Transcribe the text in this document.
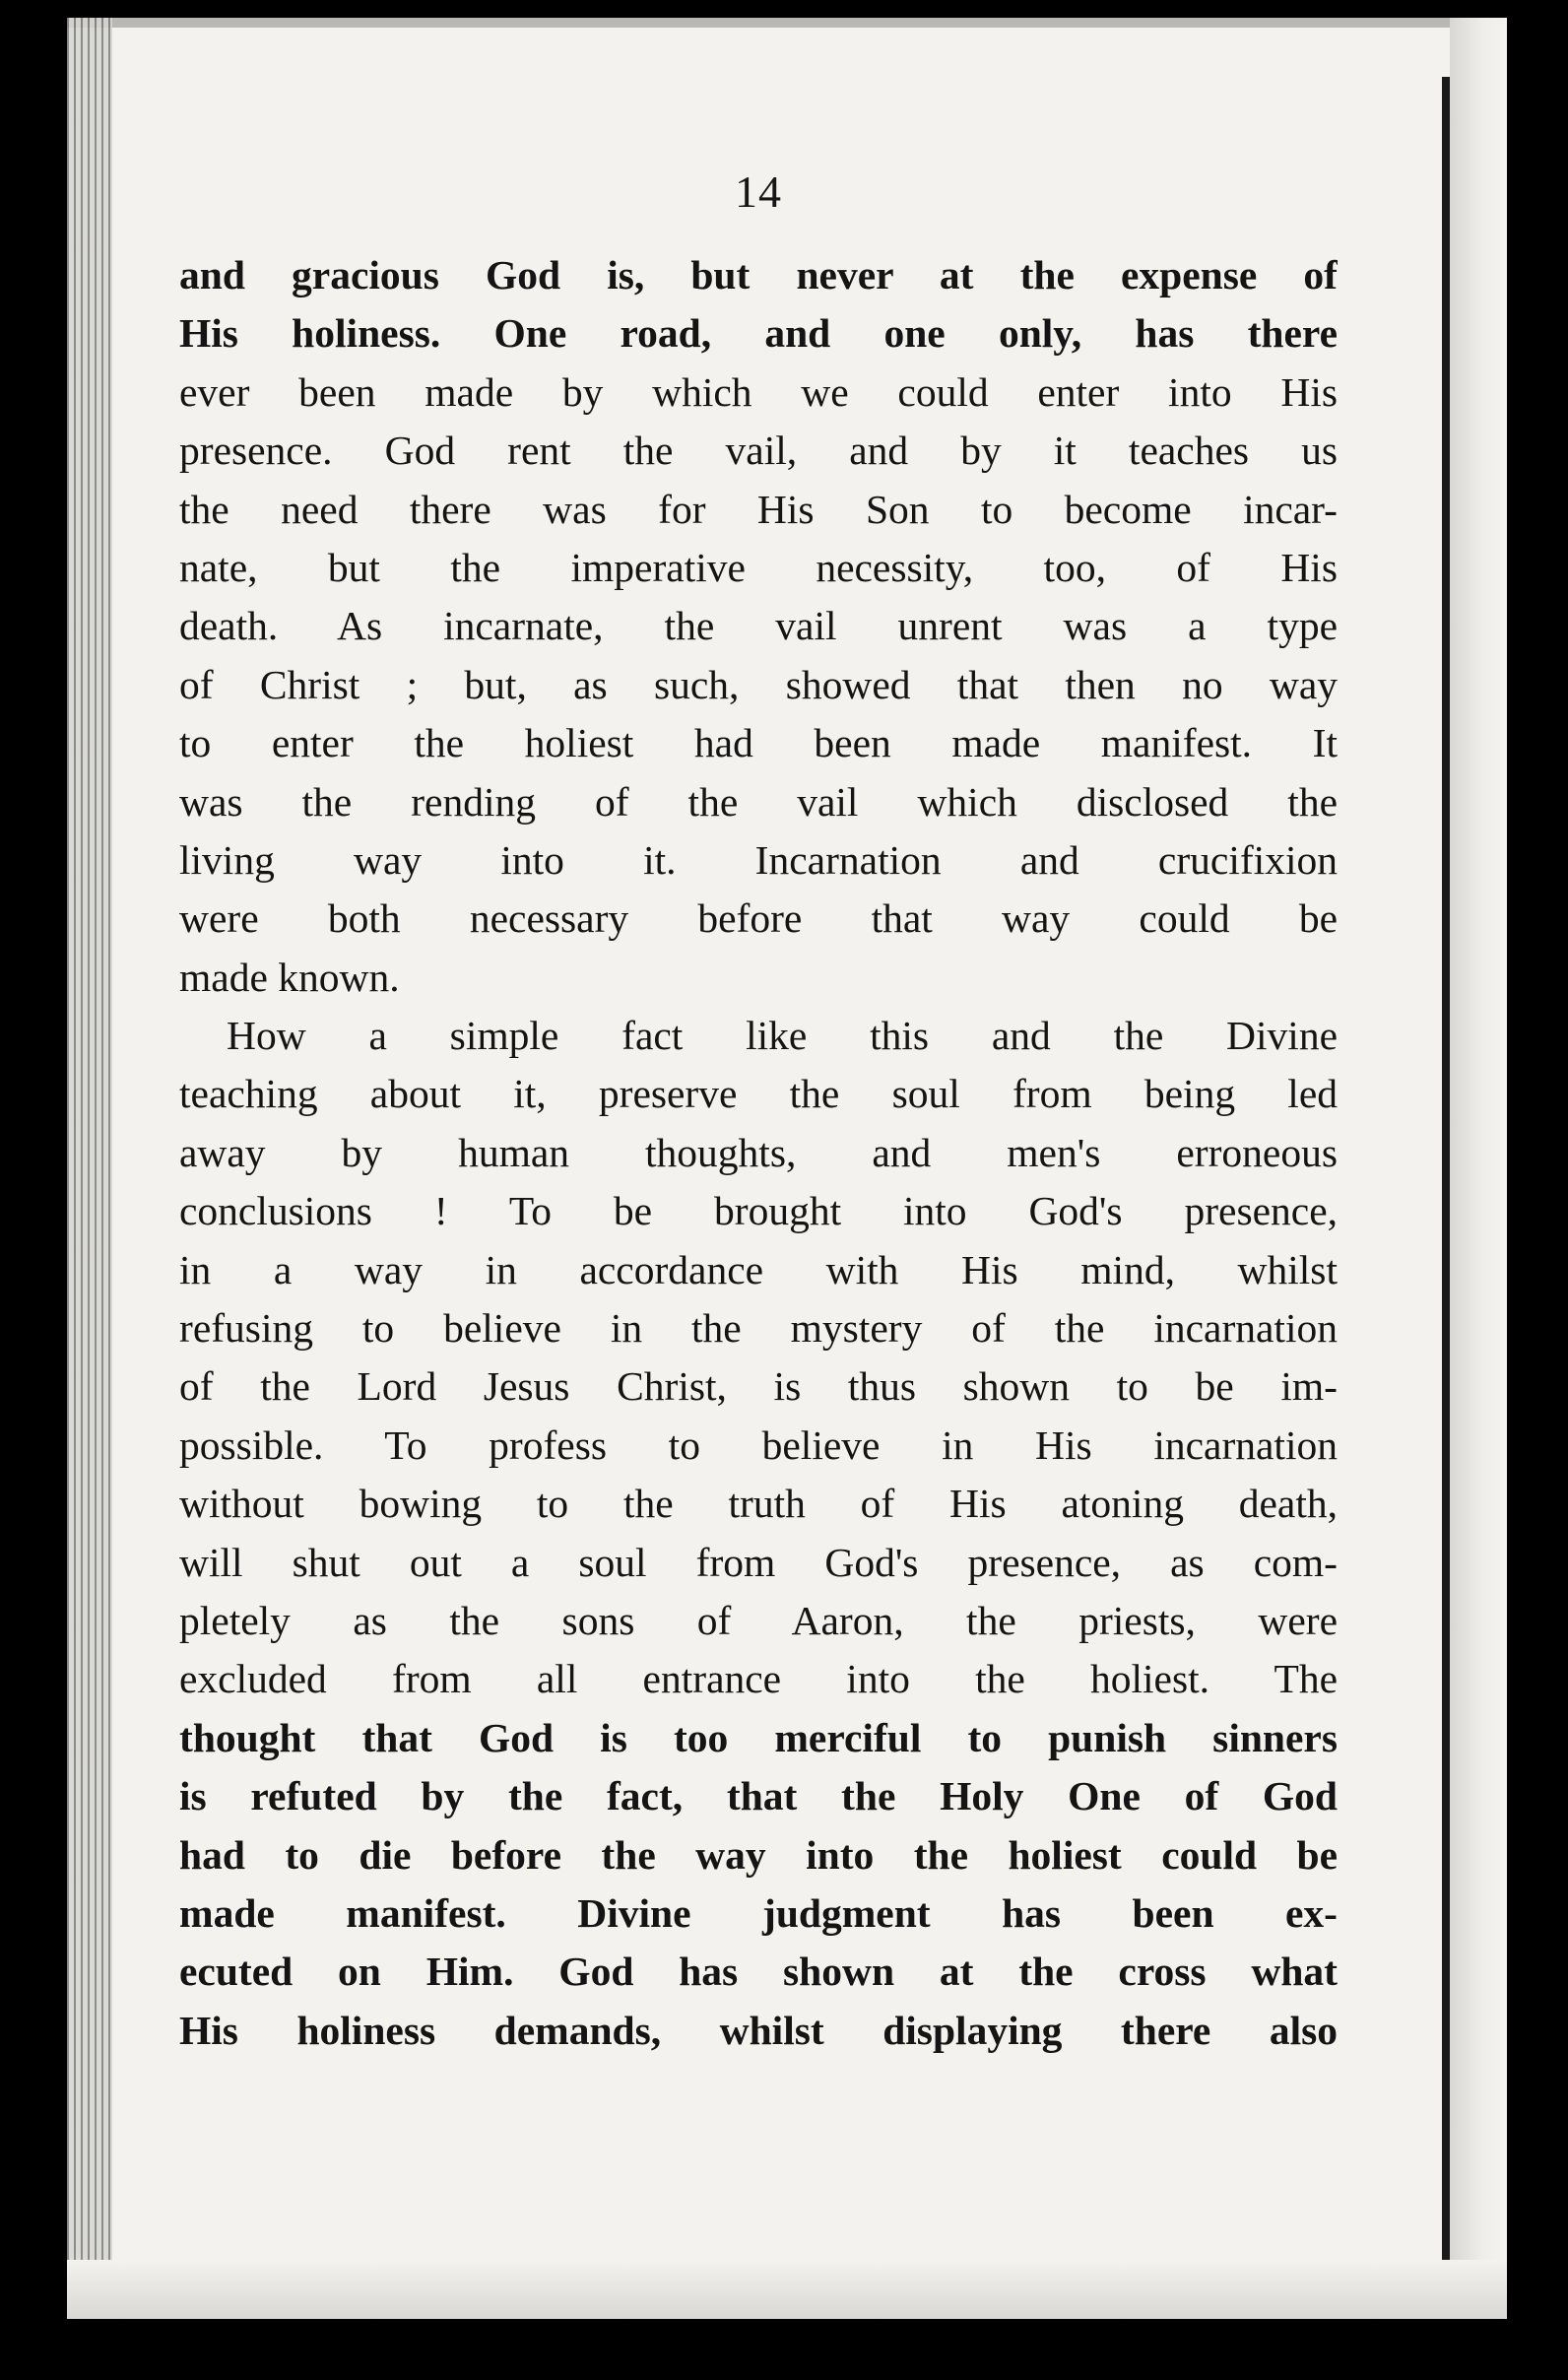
14
and gracious God is, but never at the expense of
His holiness. One road, and one only, has there
ever been made by which we could enter into His
presence. God rent the vail, and by it teaches us
the need there was for His Son to become incar-
nate, but the imperative necessity, too, of His
death. As incarnate, the vail unrent was a type
of Christ ; but, as such, showed that then no way
to enter the holiest had been made manifest. It
was the rending of the vail which disclosed the
living way into it. Incarnation and crucifixion
were both necessary before that way could be
made known.
How a simple fact like this and the Divine
teaching about it, preserve the soul from being led
away by human thoughts, and men's erroneous
conclusions ! To be brought into God's presence,
in a way in accordance with His mind, whilst
refusing to believe in the mystery of the incarnation
of the Lord Jesus Christ, is thus shown to be im-
possible. To profess to believe in His incarnation
without bowing to the truth of His atoning death,
will shut out a soul from God's presence, as com-
pletely as the sons of Aaron, the priests, were
excluded from all entrance into the holiest. The
thought that God is too merciful to punish sinners
is refuted by the fact, that the Holy One of God
had to die before the way into the holiest could be
made manifest. Divine judgment has been ex-
ecuted on Him. God has shown at the cross what
His holiness demands, whilst displaying there also
